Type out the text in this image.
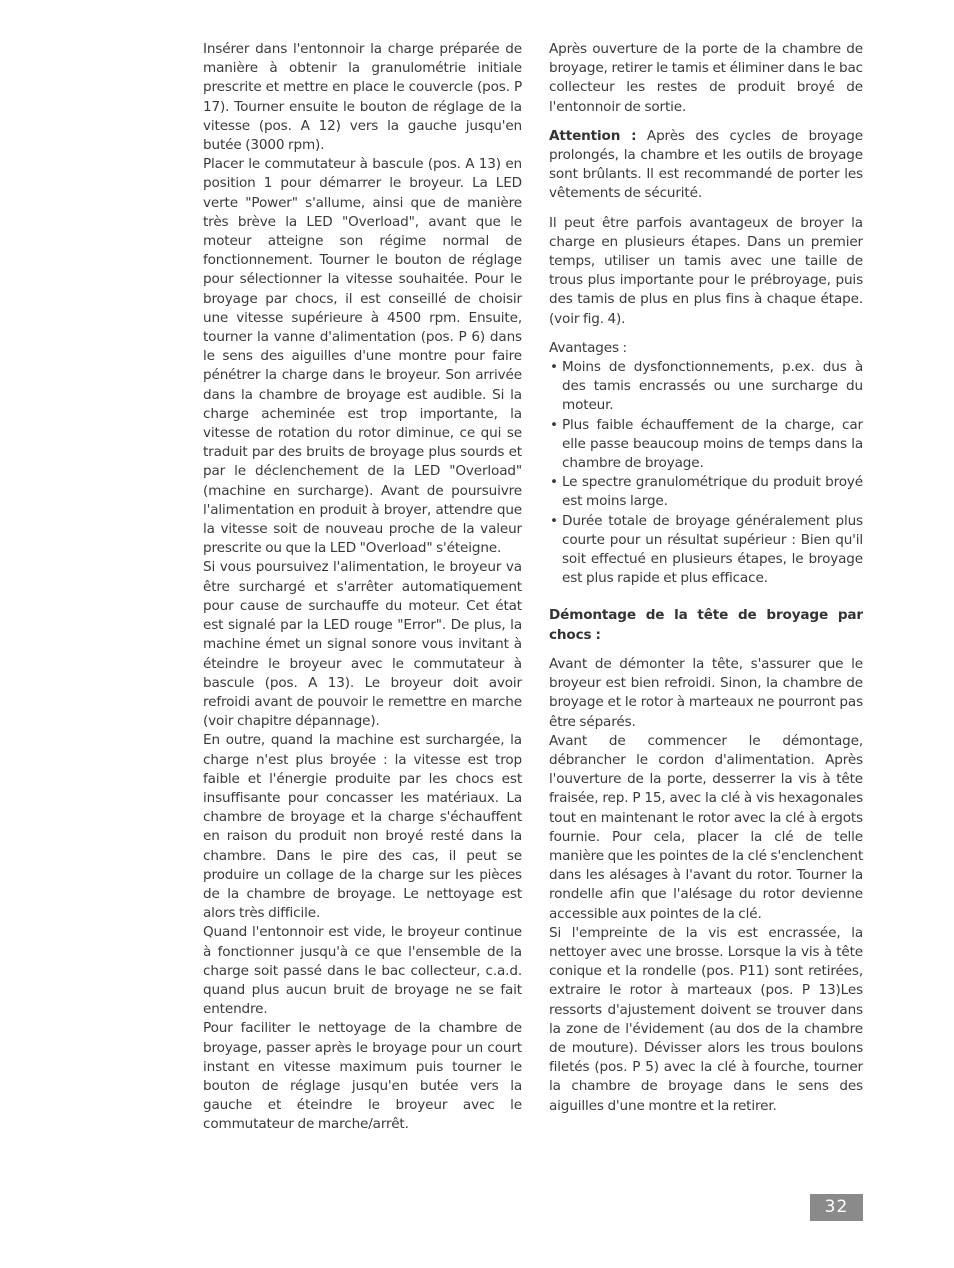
Insérer dans l'entonnoir la charge préparée de manière à obtenir la granulométrie initiale prescrite et mettre en place le couvercle (pos. P 17). Tourner ensuite le bouton de réglage de la vitesse (pos. A 12) vers la gauche jusqu'en butée (3000 rpm).

Placer le commutateur à bascule (pos. A 13) en position 1 pour démarrer le broyeur. La LED verte "Power" s'allume, ainsi que de manière très brève la LED "Overload", avant que le moteur atteigne son régime normal de fonctionnement. Tourner le bouton de réglage pour sélectionner la vitesse souhaitée. Pour le broyage par chocs, il est conseillé de choisir une vitesse supérieure à 4500 rpm. Ensuite, tourner la vanne d'alimentation (pos. P 6) dans le sens des aiguilles d'une montre pour faire pénétrer la charge dans le broyeur. Son arrivée dans la chambre de broyage est audible. Si la charge acheminée est trop importante, la vitesse de rotation du rotor diminue, ce qui se traduit par des bruits de broyage plus sourds et par le déclenchement de la LED "Overload" (machine en surcharge). Avant de poursuivre l'alimentation en produit à broyer, attendre que la vitesse soit de nouveau proche de la valeur prescrite ou que la LED "Overload" s'éteigne.

Si vous poursuivez l'alimentation, le broyeur va être surchargé et s'arrêter automatiquement pour cause de surchauffe du moteur. Cet état est signalé par la LED rouge "Error". De plus, la machine émet un signal sonore vous invitant à éteindre le broyeur avec le commutateur à bascule (pos. A 13). Le broyeur doit avoir refroidi avant de pouvoir le remettre en marche (voir chapitre dépannage).

En outre, quand la machine est surchargée, la charge n'est plus broyée : la vitesse est trop faible et l'énergie produite par les chocs est insuffisante pour concasser les matériaux. La chambre de broyage et la charge s'échauffent en raison du produit non broyé resté dans la chambre. Dans le pire des cas, il peut se produire un collage de la charge sur les pièces de la chambre de broyage. Le nettoyage est alors très difficile.

Quand l'entonnoir est vide, le broyeur continue à fonctionner jusqu'à ce que l'ensemble de la charge soit passé dans le bac collecteur, c.a.d. quand plus aucun bruit de broyage ne se fait entendre.

Pour faciliter le nettoyage de la chambre de broyage, passer après le broyage pour un court instant en vitesse maximum puis tourner le bouton de réglage jusqu'en butée vers la gauche et éteindre le broyeur avec le commutateur de marche/arrêt.

Après ouverture de la porte de la chambre de broyage, retirer le tamis et éliminer dans le bac collecteur les restes de produit broyé de l'entonnoir de sortie.

Attention : Après des cycles de broyage prolongés, la chambre et les outils de broyage sont brûlants. Il est recommandé de porter les vêtements de sécurité.

Il peut être parfois avantageux de broyer la charge en plusieurs étapes. Dans un premier temps, utiliser un tamis avec une taille de trous plus importante pour le prébroyage, puis des tamis de plus en plus fins à chaque étape. (voir fig. 4).

Avantages :

• Moins de dysfonctionnements, p.ex. dus à des tamis encrassés ou une surcharge du moteur.
• Plus faible échauffement de la charge, car elle passe beaucoup moins de temps dans la chambre de broyage.
• Le spectre granulométrique du produit broyé est moins large.
• Durée totale de broyage généralement plus courte pour un résultat supérieur : Bien qu'il soit effectué en plusieurs étapes, le broyage est plus rapide et plus efficace.

Démontage de la tête de broyage par chocs :

Avant de démonter la tête, s'assurer que le broyeur est bien refroidi. Sinon, la chambre de broyage et le rotor à marteaux ne pourront pas être séparés.

Avant de commencer le démontage, débrancher le cordon d'alimentation. Après l'ouverture de la porte, desserrer la vis à tête fraisée, rep. P 15, avec la clé à vis hexagonales tout en maintenant le rotor avec la clé à ergots fournie. Pour cela, placer la clé de telle manière que les pointes de la clé s'enclenchent dans les alésages à l'avant du rotor. Tourner la rondelle afin que l'alésage du rotor devienne accessible aux pointes de la clé.

Si l'empreinte de la vis est encrassée, la nettoyer avec une brosse. Lorsque la vis à tête conique et la rondelle (pos. P11) sont retirées, extraire le rotor à marteaux (pos. P 13)Les ressorts d'ajustement doivent se trouver dans la zone de l'évidement (au dos de la chambre de mouture). Dévisser alors les trous boulons filetés (pos. P 5) avec la clé à fourche, tourner la chambre de broyage dans le sens des aiguilles d'une montre et la retirer.

32
